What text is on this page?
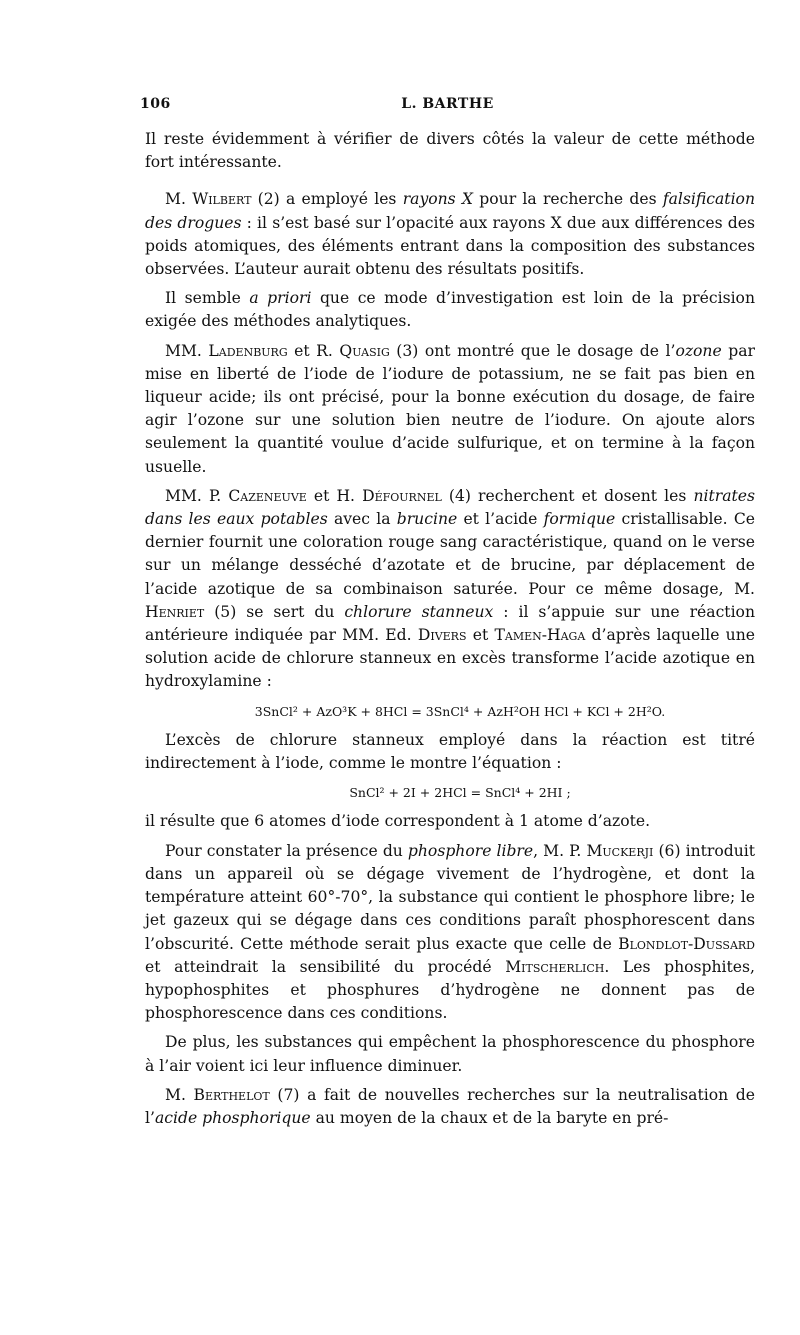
106	L. BARTHE

Il reste évidemment à vérifier de divers côtés la valeur de cette méthode fort intéressante.

M. Wilbert (2) a employé les rayons X pour la recherche des falsification des drogues : il s’est basé sur l’opacité aux rayons X due aux différences des poids atomiques, des éléments entrant dans la composition des substances observées. L’auteur aurait obtenu des résultats positifs.

Il semble a priori que ce mode d’investigation est loin de la précision exigée des méthodes analytiques.

MM. Ladenburg et R. Quasig (3) ont montré que le dosage de l’ozone par mise en liberté de l’iode de l’iodure de potassium, ne se fait pas bien en liqueur acide; ils ont précisé, pour la bonne exécution du dosage, de faire agir l’ozone sur une solution bien neutre de l’iodure. On ajoute alors seulement la quantité voulue d’acide sulfurique, et on termine à la façon usuelle.

MM. P. Cazeneuve et H. Défournel (4) recherchent et dosent les nitrates dans les eaux potables avec la brucine et l’acide formique cristallisable. Ce dernier fournit une coloration rouge sang caractéristique, quand on le verse sur un mélange desséché d’azotate et de brucine, par déplacement de l’acide azotique de sa combinaison saturée. Pour ce même dosage, M. Henriet (5) se sert du chlorure stanneux : il s’appuie sur une réaction antérieure indiquée par MM. Ed. Divers et Tamen-Haga d’après laquelle une solution acide de chlorure stanneux en excès transforme l’acide azotique en hydroxylamine :

3SnCl² + AzO³K + 8HCl = 3SnCl⁴ + AzH²OH HCl + KCl + 2H²O.

L’excès de chlorure stanneux employé dans la réaction est titré indirectement à l’iode, comme le montre l’équation :

SnCl² + 2I + 2HCl = SnCl⁴ + 2HI ;

il résulte que 6 atomes d’iode correspondent à 1 atome d’azote.

Pour constater la présence du phosphore libre, M. P. Muckerji (6) introduit dans un appareil où se dégage vivement de l’hydrogène, et dont la température atteint 60°-70°, la substance qui contient le phosphore libre; le jet gazeux qui se dégage dans ces conditions paraît phosphorescent dans l’obscurité. Cette méthode serait plus exacte que celle de Blondlot-Dussard et atteindrait la sensibilité du procédé Mitscherlich. Les phosphites, hypophosphites et phosphures d’hydrogène ne donnent pas de phosphorescence dans ces conditions.

De plus, les substances qui empêchent la phosphorescence du phosphore à l’air voient ici leur influence diminuer.

M. Berthelot (7) a fait de nouvelles recherches sur la neutralisation de l’acide phosphorique au moyen de la chaux et de la baryte en pré-
